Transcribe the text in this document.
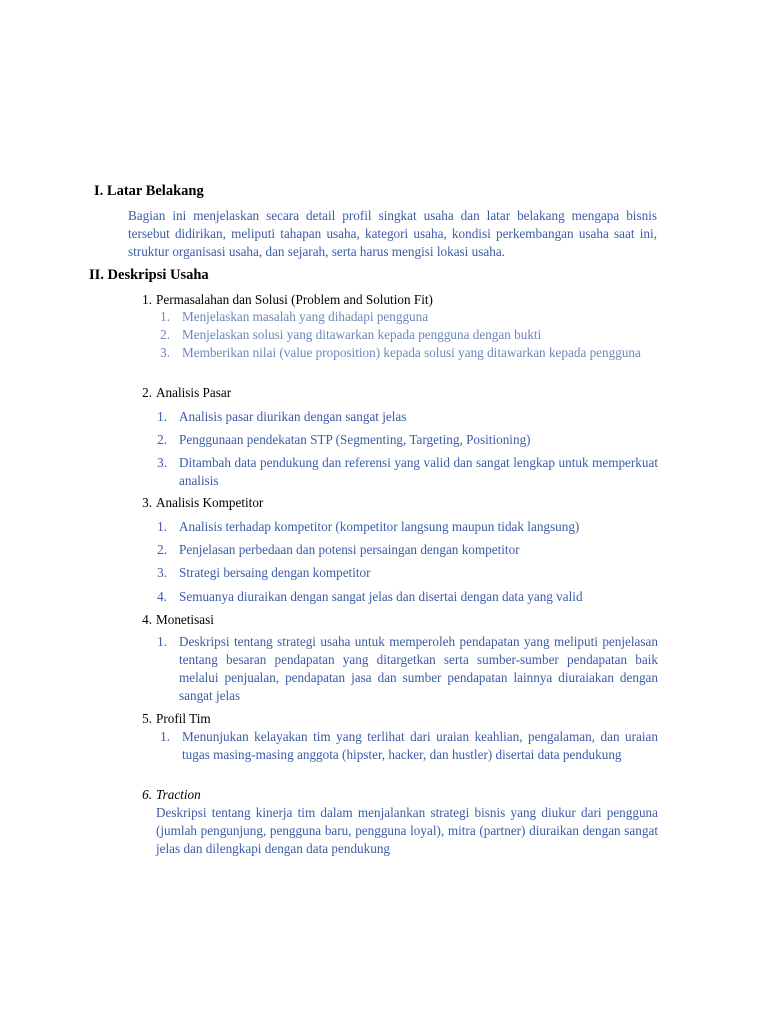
I. Latar Belakang
Bagian ini menjelaskan secara detail profil singkat usaha dan latar belakang mengapa bisnis tersebut didirikan, meliputi tahapan usaha, kategori usaha, kondisi perkembangan usaha saat ini, struktur organisasi usaha, dan sejarah, serta harus mengisi lokasi usaha.
II. Deskripsi Usaha
1. Permasalahan dan Solusi (Problem and Solution Fit)
1. Menjelaskan masalah yang dihadapi pengguna
2. Menjelaskan solusi yang ditawarkan kepada pengguna dengan bukti
3. Memberikan nilai (value proposition) kepada solusi yang ditawarkan kepada pengguna
2. Analisis Pasar
1. Analisis pasar diurikan dengan sangat jelas
2. Penggunaan pendekatan STP (Segmenting, Targeting, Positioning)
3. Ditambah data pendukung dan referensi yang valid dan sangat lengkap untuk memperkuat analisis
3. Analisis Kompetitor
1. Analisis terhadap kompetitor (kompetitor langsung maupun tidak langsung)
2. Penjelasan perbedaan dan potensi persaingan dengan kompetitor
3. Strategi bersaing dengan kompetitor
4. Semuanya diuraikan dengan sangat jelas dan disertai dengan data yang valid
4. Monetisasi
1. Deskripsi tentang strategi usaha untuk memperoleh pendapatan yang meliputi penjelasan tentang besaran pendapatan yang ditargetkan serta sumber-sumber pendapatan baik melalui penjualan, pendapatan jasa dan sumber pendapatan lainnya diuraiakan dengan sangat jelas
5. Profil Tim
1. Menunjukan kelayakan tim yang terlihat dari uraian keahlian, pengalaman, dan uraian tugas masing-masing anggota (hipster, hacker, dan hustler) disertai data pendukung
6. Traction
Deskripsi tentang kinerja tim dalam menjalankan strategi bisnis yang diukur dari pengguna (jumlah pengunjung, pengguna baru, pengguna loyal), mitra (partner) diuraikan dengan sangat jelas dan dilengkapi dengan data pendukung
